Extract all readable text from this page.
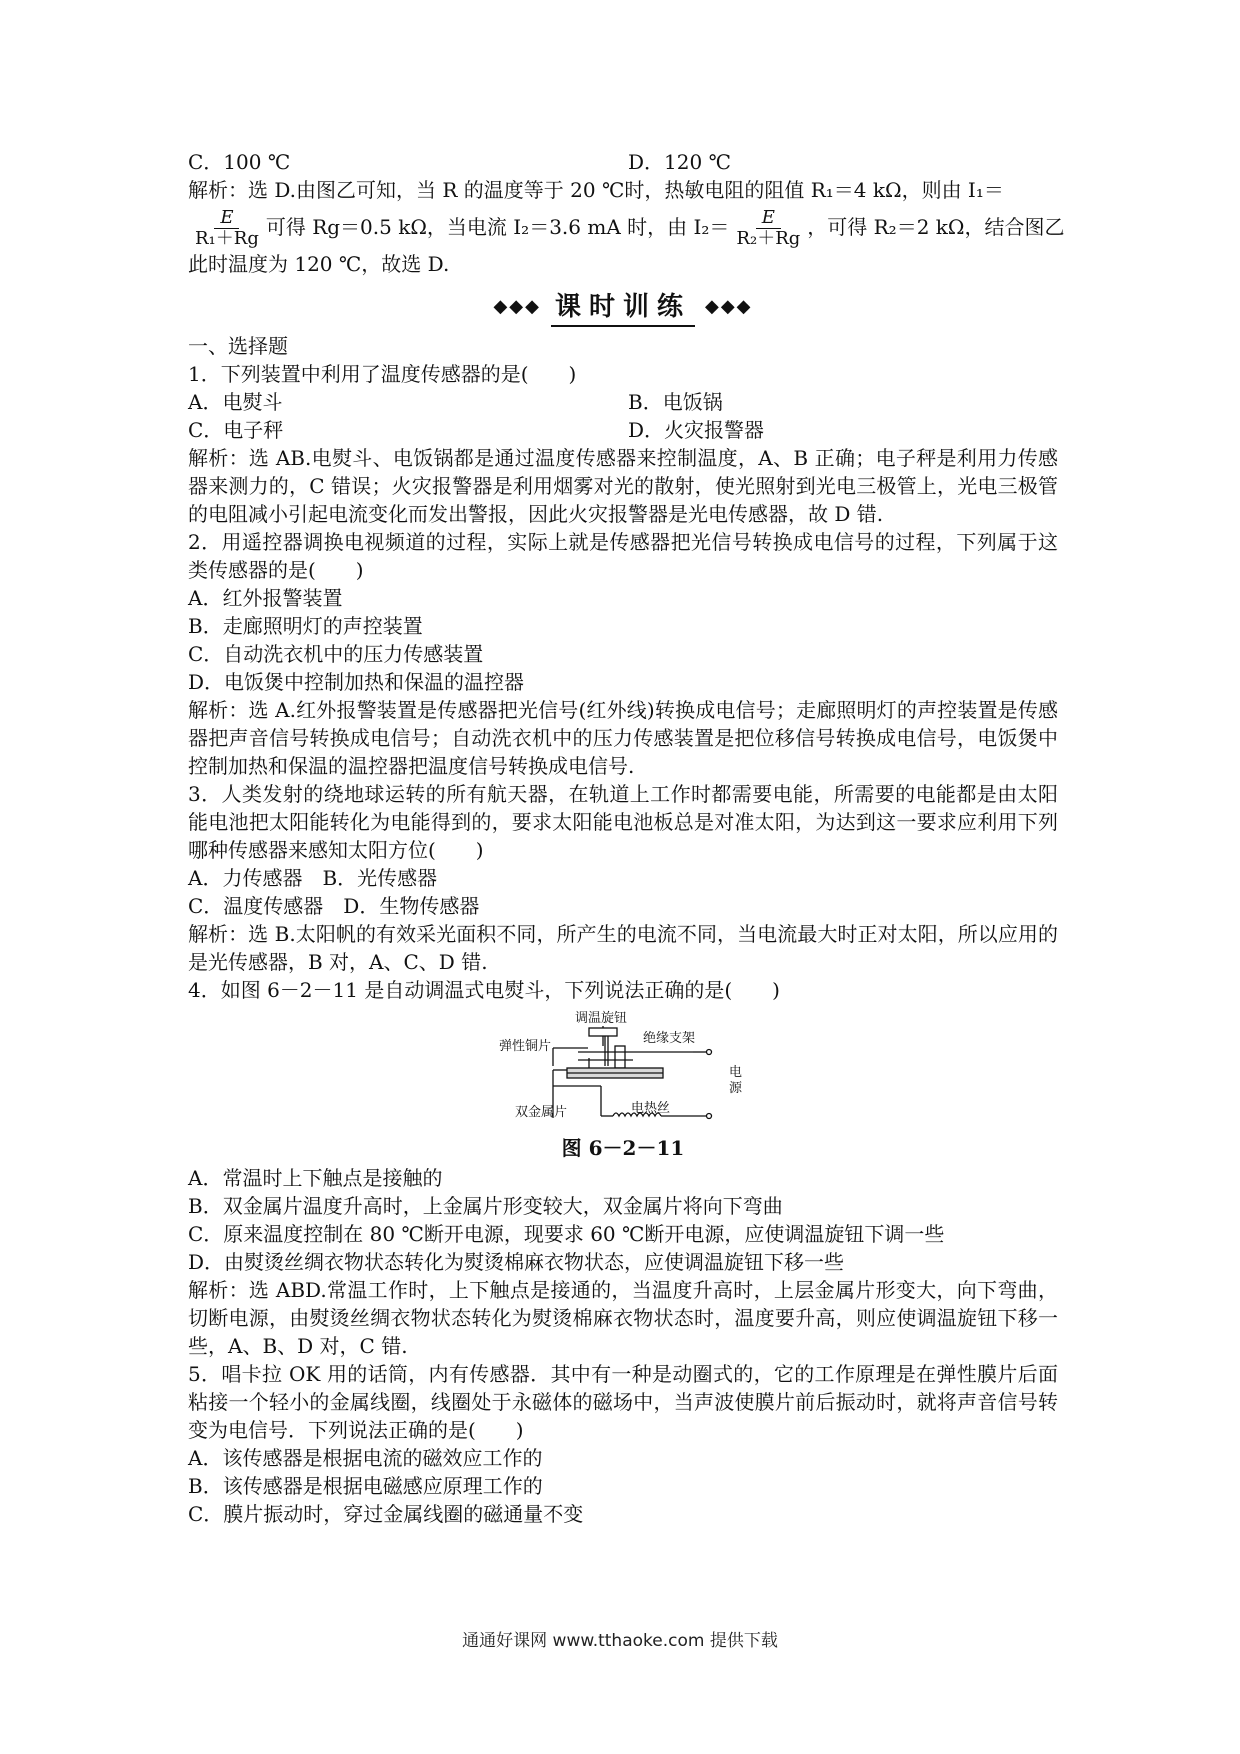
C．100 ℃	D．120 ℃
解析：选 D.由图乙可知，当 R 的温度等于 20 ℃时，热敏电阻的阻值 R₁＝4 kΩ，则由 I₁＝
$\frac{E}{\text{R₁＋Rg}}$ 可得 Rg＝0.5 kΩ，当电流 I₂＝3.6 mA 时，由 $I_2= \frac{E}{\text{R₂＋Rg}}$ ，可得 R₂＝2 kΩ，结合图乙
此时温度为 120 ℃，故选 D.
◆◆◆ 课时训练 ◆◆◆
一、选择题
1．下列装置中利用了温度传感器的是(　　)
A．电熨斗	B．电饭锅
C．电子秤	D．火灾报警器
解析：选 AB.电熨斗、电饭锅都是通过温度传感器来控制温度，A、B 正确；电子秤是利用力传感器来测力的，C 错误；火灾报警器是利用烟雾对光的散射，使光照射到光电三极管上，光电三极管的电阻减小引起电流变化而发出警报，因此火灾报警器是光电传感器，故 D 错.
2．用遥控器调换电视频道的过程，实际上就是传感器把光信号转换成电信号的过程，下列属于这类传感器的是(　　)
A．红外报警装置
B．走廊照明灯的声控装置
C．自动洗衣机中的压力传感装置
D．电饭煲中控制加热和保温的温控器
解析：选 A.红外报警装置是传感器把光信号(红外线)转换成电信号；走廊照明灯的声控装置是传感器把声音信号转换成电信号；自动洗衣机中的压力传感装置是把位移信号转换成电信号，电饭煲中控制加热和保温的温控器把温度信号转换成电信号.
3．人类发射的绕地球运转的所有航天器，在轨道上工作时都需要电能，所需要的电能都是由太阳能电池把太阳能转化为电能得到的，要求太阳能电池板总是对准太阳，为达到这一要求应利用下列哪种传感器来感知太阳方位(　　)
A．力传感器　B．光传感器
C．温度传感器　D．生物传感器
解析：选 B.太阳帆的有效采光面积不同，所产生的电流不同，当电流最大时正对太阳，所以应用的是光传感器，B 对，A、C、D 错.
4．如图 6－2－11 是自动调温式电熨斗，下列说法正确的是(　　)
调温旋钮
绝缘支架
弹性铜片
双金属片	电热丝
电
源
图 6－2－11
A．常温时上下触点是接触的
B．双金属片温度升高时，上金属片形变较大，双金属片将向下弯曲
C．原来温度控制在 80 ℃断开电源，现要求 60 ℃断开电源，应使调温旋钮下调一些
D．由熨烫丝绸衣物状态转化为熨烫棉麻衣物状态，应使调温旋钮下移一些
解析：选 ABD.常温工作时，上下触点是接通的，当温度升高时，上层金属片形变大，向下弯曲，切断电源，由熨烫丝绸衣物状态转化为熨烫棉麻衣物状态时，温度要升高，则应使调温旋钮下移一些，A、B、D 对，C 错.
5．唱卡拉 OK 用的话筒，内有传感器．其中有一种是动圈式的，它的工作原理是在弹性膜片后面粘接一个轻小的金属线圈，线圈处于永磁体的磁场中，当声波使膜片前后振动时，就将声音信号转变为电信号．下列说法正确的是(　　)
A．该传感器是根据电流的磁效应工作的
B．该传感器是根据电磁感应原理工作的
C．膜片振动时，穿过金属线圈的磁通量不变
通通好课网 www.tthaoke.com 提供下载
